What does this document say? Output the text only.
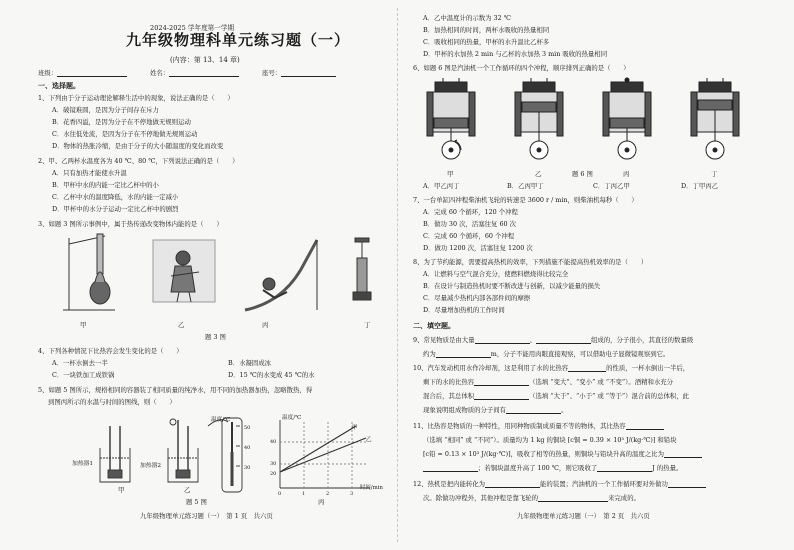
2024-2025 学年度第一学期
九年级物理科单元练习题（一）
(内容：第 13、14 章)
班级：	姓名：	座号：
一、选择题。
1、下列由于分子运动理论解释生活中的现象，说法正确的是（　　）
A．破镜难圆，是因为分子间存在斥力
B．花香四溢，是因为分子在不停地做无规则运动
C．水往低处流，是因为分子在不停地做无规则运动
D．物体的热胀冷缩，是由于分子的大小随温度的变化而改变
2、甲、乙两杯水温度各为 40 ℃、80 ℃，下列说法正确的是（　　）
A．只有加热才能使水升温
B．甲杯中水的内能一定比乙杯中的小
C．乙杯中水的温度降低，水的内能一定减小
D．甲杯中的水分子运动一定比乙杯中的剧烈
3、如题 3 图所示事例中，属于热传递改变物体内能的是（　　）
甲	乙	丙	丁
题 3 图
4、下列各种情况下比热容会发生变化的是（　　）
A．一杯水倒去一半	B．水凝固成冰
C．一块铁加工成铁锅	D．15 ℃的水变成 45 ℃的水
5、如题 5 图所示，规格相同的容器装了相同质量的纯净水，用不同的加热器加热，忽略散热，得
到图丙所示的水温与时间的图线，则（　　）
加热器1	加热器2
温度/℃
50
40
30
温度/℃
40
30
20
0	1	2	3
时间/min
甲
乙
甲	乙
丙
题 5 图
九年级物理单元练习题（一）　第 1 页　共六页
A．乙中温度计的示数为 32 ℃
B．加热相同的时间，两杯水吸收的热量相同
C．吸收相同的热量，甲杯的水升温比乙杯多
D．甲杯的水加热 2 min 与乙杯的水加热 3 min 吸收的热量相同
6、如题 6 图是汽油机一个工作循环的四个冲程，顺序排列正确的是（　　）
甲	乙	题 6 图	丙	丁
A．甲乙丙丁	B．乙丙甲丁	C．丁丙乙甲	D．丁甲丙乙
7、一台单缸四冲程柴油机飞轮的转速是 3600 r / min，则柴油机每秒（　　）
A．完成 60 个循环，120 个冲程
B．做功 30 次，活塞往复 60 次
C．完成 60 个循环，60 个冲程
D．做功 1200 次，活塞往复 1200 次
8、为了节约能源，需要提高热机的效率，下列措施不能提高热机效率的是（　　）
A．让燃料与空气混合充分，使燃料燃烧得比较完全
B．在设计与制造热机时要不断改进与创新，以减少能量的损失
C．尽量减少热机内部各部件间的摩擦
D．尽量增加热机的工作时间
二、填空题。
9、常见物质是由大量	、	组成的，分子很小，其直径的数量级
约为	m，分子不能用肉眼直接观察，可以借助电子显微镜观察到它。
10、汽车发动机用水作冷却剂，这是利用了水的比热容	的性质，一杯水倒出一半后，
剩下的水的比热容	（选填 “变大”、“变小” 或 “不变”）。酒精和水充分
混合后，其总体积	（选填 “大于”、“小于” 或 “等于”）混合前的总体积，此
现象说明组成物质的分子间有	。
11、比热容是物质的一种特性，用同种物质制成质量不等的物体，其比热容
（选填 “相同” 或 “不同”）。质量均为 1 kg 的铜块 [c铜 = 0.39 × 10³ J/(kg·℃)] 和铅块
[c铅 = 0.13 × 10³ J/(kg·℃)]，吸收了相等的热量，则铜块与铅块升高的温度之比为
；若铜块温度升高了 100 ℃，则它吸收了	J 的热量。
12、热机是把内能转化为	能的装置；汽油机的一个工作循环要对外做功
次。除做功冲程外，其他冲程是靠飞轮的	来完成的。
九年级物理单元练习题（一）　第 2 页　共六页
